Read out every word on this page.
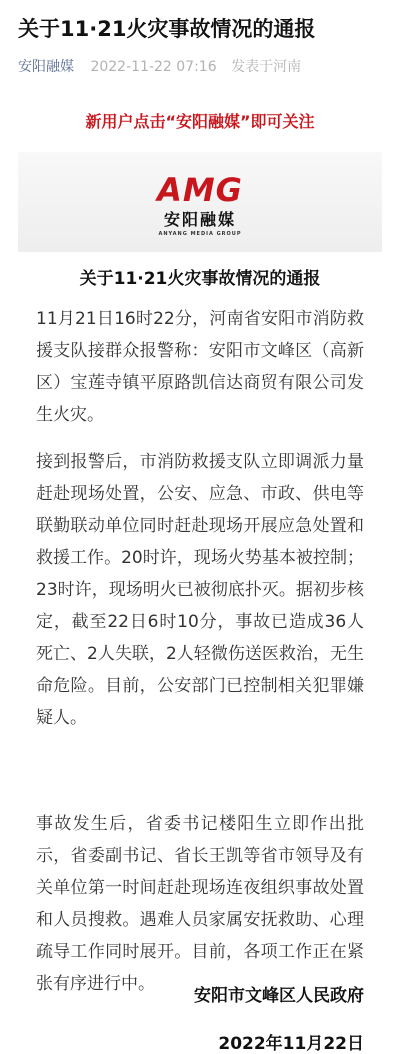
关于11·21火灾事故情况的通报
安阳融媒 2022-11-22 07:16 发表于河南
新用户点击“安阳融媒”即可关注
AMG
安阳融媒
ANYANG MEDIA GROUP
关于11·21火灾事故情况的通报

11月21日16时22分，河南省安阳市消防救援支队接群众报警称：安阳市文峰区（高新区）宝莲寺镇平原路凯信达商贸有限公司发生火灾。

接到报警后，市消防救援支队立即调派力量赶赴现场处置，公安、应急、市政、供电等联勤联动单位同时赶赴现场开展应急处置和救援工作。20时许，现场火势基本被控制；23时许，现场明火已被彻底扑灭。据初步核定，截至22日6时10分，事故已造成36人死亡、2人失联，2人轻微伤送医救治，无生命危险。目前，公安部门已控制相关犯罪嫌疑人。

事故发生后，省委书记楼阳生立即作出批示，省委副书记、省长王凯等省市领导及有关单位第一时间赶赴现场连夜组织事故处置和人员搜救。遇难人员家属安抚救助、心理疏导工作同时展开。目前，各项工作正在紧张有序进行中。

安阳市文峰区人民政府
2022年11月22日
